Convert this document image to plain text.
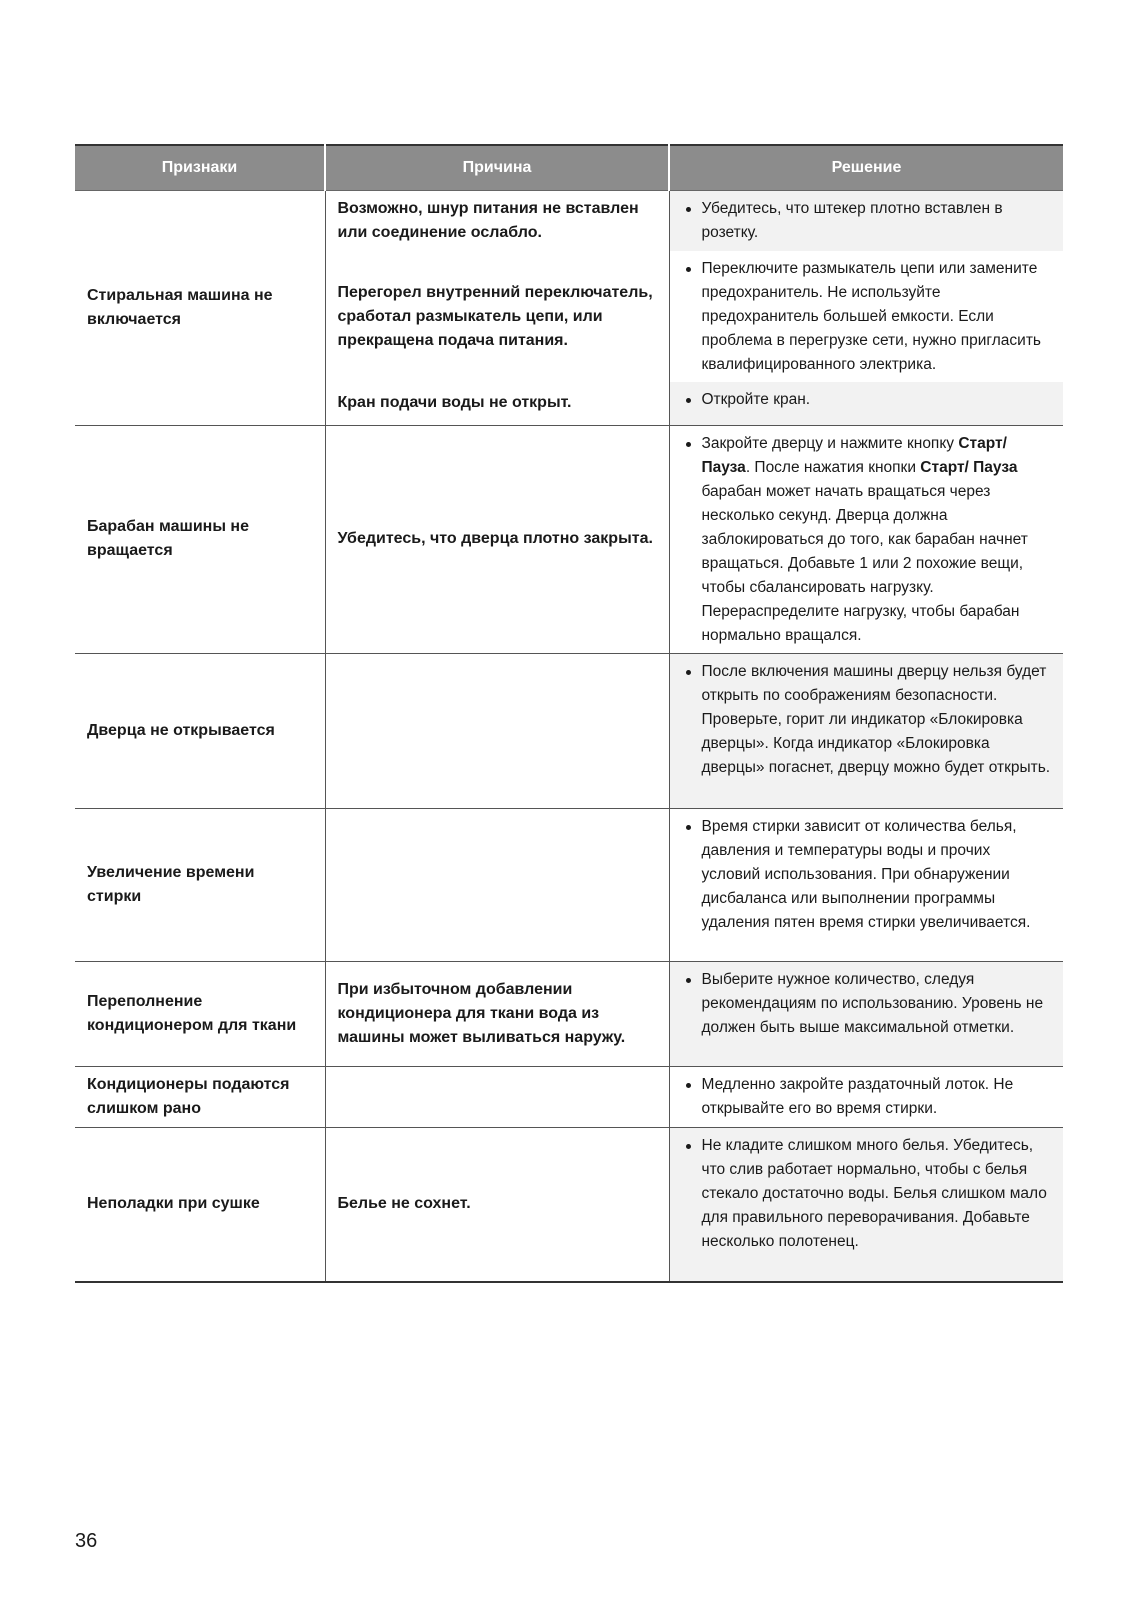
Признаки	Причина	Решение
Стиральная машина не включается	Возможно, шнур питания не вставлен или соединение ослабло.	Убедитесь, что штекер плотно вставлен в розетку.

	Перегорел внутренний переключатель, сработал размыкатель цепи, или прекращена подача питания.	Переключите размыкатель цепи или замените предохранитель. Не используйте предохранитель большей емкости. Если проблема в перегрузке сети, нужно пригласить квалифицированного электрика.

	Кран подачи воды не открыт.	Откройте кран.

Барабан машины не вращается	Убедитесь, что дверца плотно закрыта.	Закройте дверцу и нажмите кнопку Старт/ Пауза. После нажатия кнопки Старт/ Пауза барабан может начать вращаться через несколько секунд. Дверца должна заблокироваться до того, как барабан начнет вращаться. Добавьте 1 или 2 похожие вещи, чтобы сбалансировать нагрузку. Перераспределите нагрузку, чтобы барабан нормально вращался.

Дверца не открывается		После включения машины дверцу нельзя будет открыть по соображениям безопасности. Проверьте, горит ли индикатор «Блокировка дверцы». Когда индикатор «Блокировка дверцы» погаснет, дверцу можно будет открыть.

Увеличение времени стирки		Время стирки зависит от количества белья, давления и температуры воды и прочих условий использования. При обнаружении дисбаланса или выполнении программы удаления пятен время стирки увеличивается.

Переполнение кондиционером для ткани	При избыточном добавлении кондиционера для ткани вода из машины может выливаться наружу.	Выберите нужное количество, следуя рекомендациям по использованию. Уровень не должен быть выше максимальной отметки.

Кондиционеры подаются слишком рано		Медленно закройте раздаточный лоток. Не открывайте его во время стирки.

Неполадки при сушке	Белье не сохнет.	Не кладите слишком много белья. Убедитесь, что слив работает нормально, чтобы с белья стекало достаточно воды. Белья слишком мало для правильного переворачивания. Добавьте несколько полотенец.
36
